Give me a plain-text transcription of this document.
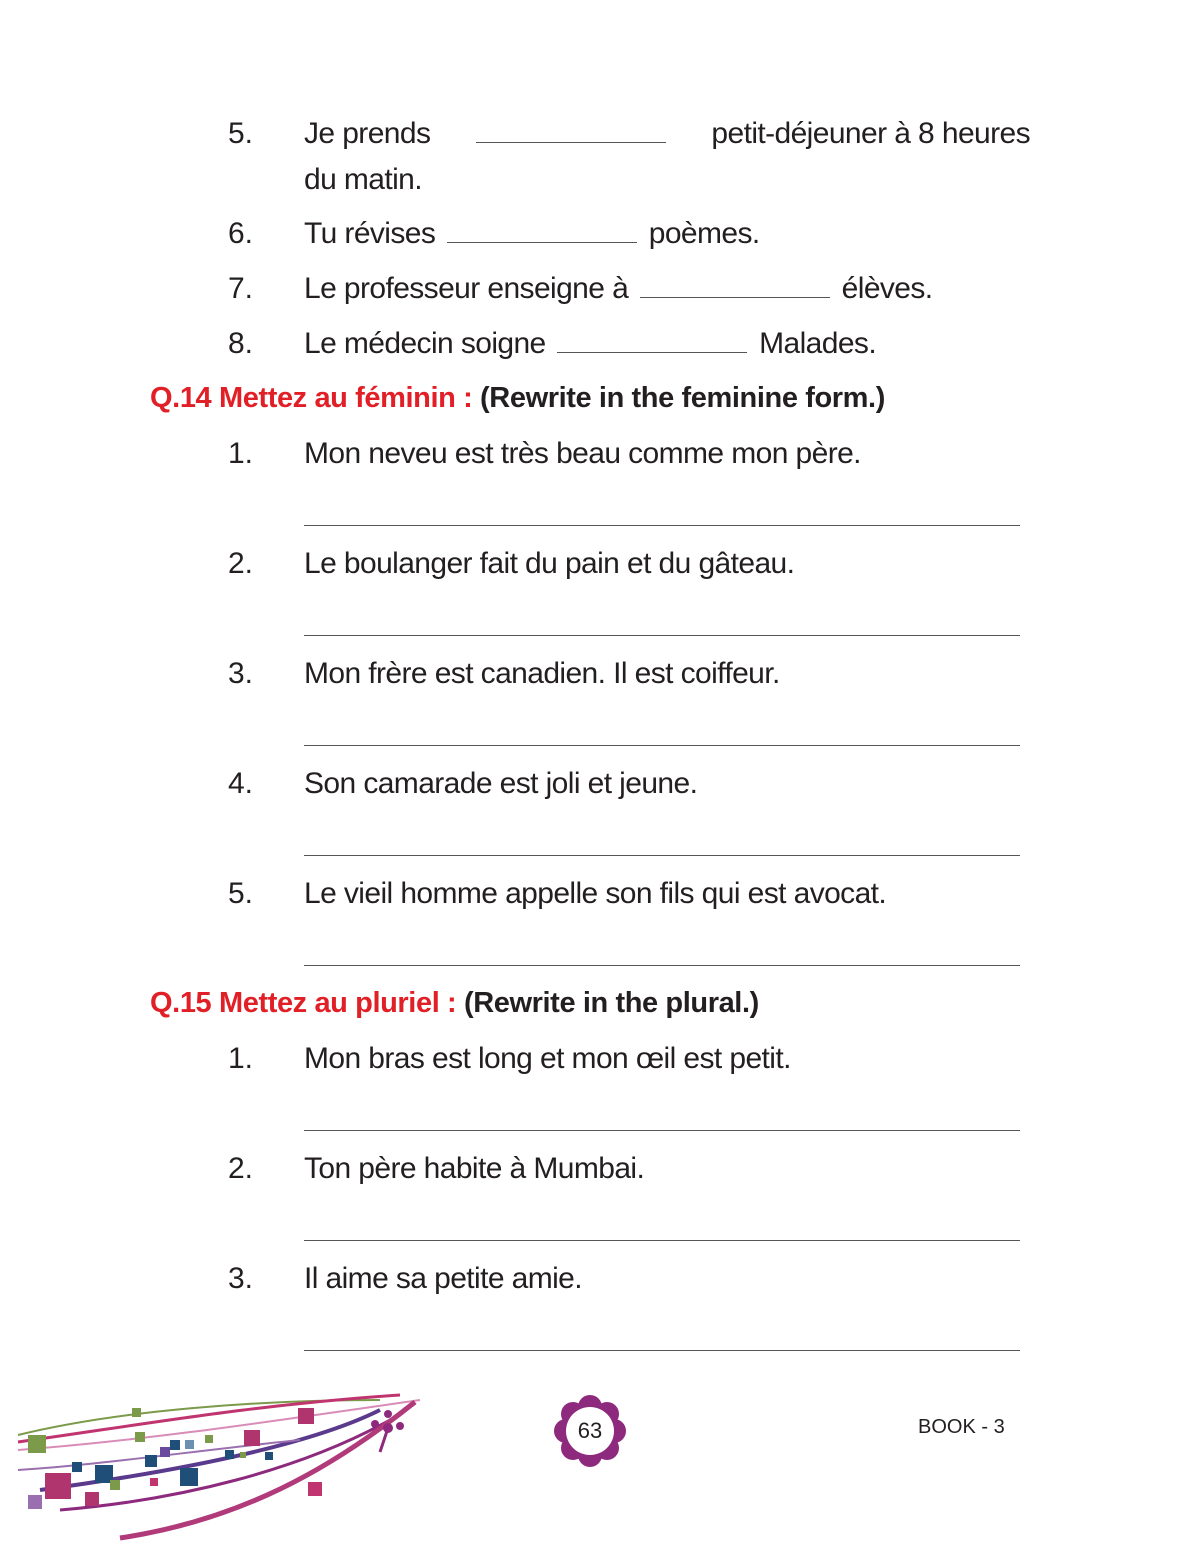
5. Je prends	petit-déjeuner à 8 heures
du matin.
6. Tu révises	poèmes.
7. Le professeur enseigne à	élèves.
8. Le médecin soigne	Malades.
Q.14 Mettez au féminin : (Rewrite in the feminine form.)
1. Mon neveu est très beau comme mon père.
2. Le boulanger fait du pain et du gâteau.
3. Mon frère est canadien. Il est coiffeur.
4. Son camarade est joli et jeune.
5. Le vieil homme appelle son fils qui est avocat.
Q.15 Mettez au pluriel : (Rewrite in the plural.)
1. Mon bras est long et mon œil est petit.
2. Ton père habite à Mumbai.
3. Il aime sa petite amie.
63	BOOK - 3
